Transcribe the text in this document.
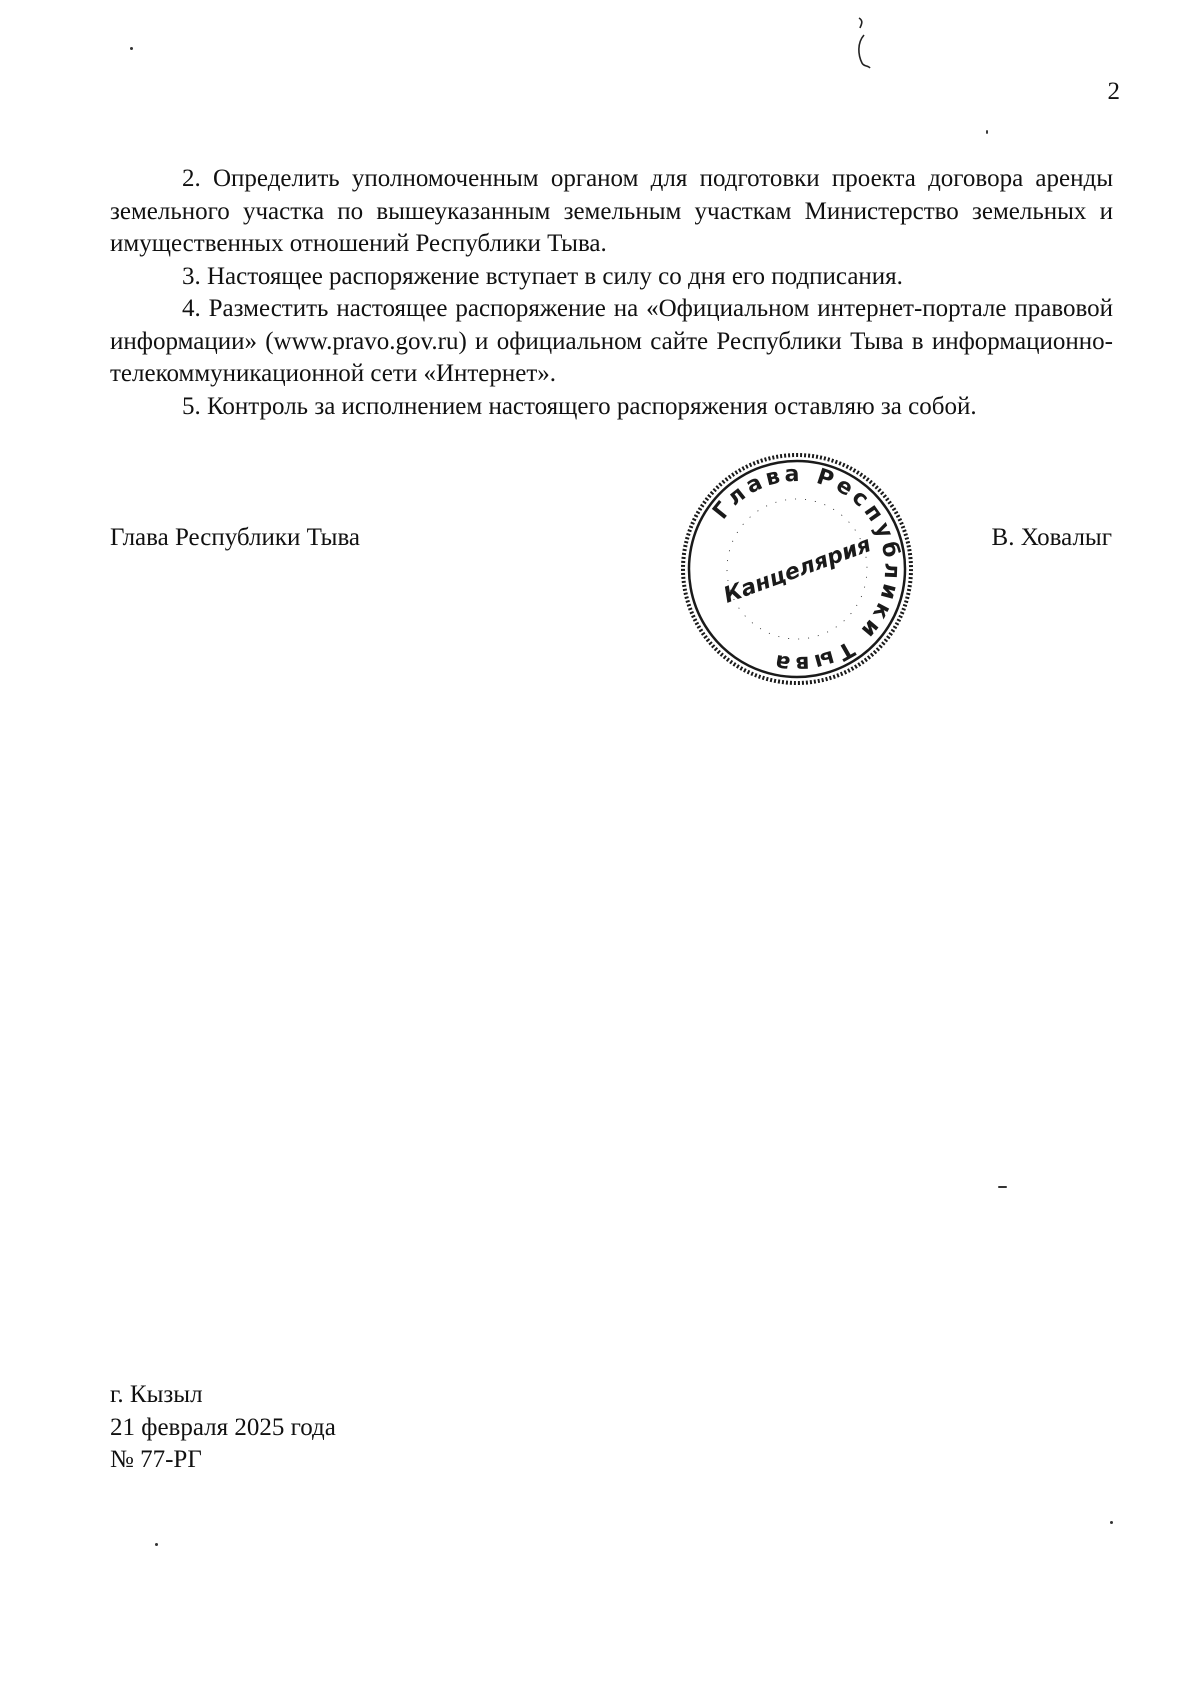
2

2. Определить уполномоченным органом для подготовки проекта договора аренды земельного участка по вышеуказанным земельным участкам Министерство земельных и имущественных отношений Республики Тыва.

3. Настоящее распоряжение вступает в силу со дня его подписания.

4. Разместить настоящее распоряжение на «Официальном интернет-портале правовой информации» (www.pravo.gov.ru) и официальном сайте Республики Тыва в информационно-телекоммуникационной сети «Интернет».

5. Контроль за исполнением настоящего распоряжения оставляю за собой.

Глава Республики Тыва	В. Ховалыг
Глава Республики Тыва
Канцелярия
г. Кызыл
21 февраля 2025 года
№ 77-РГ
